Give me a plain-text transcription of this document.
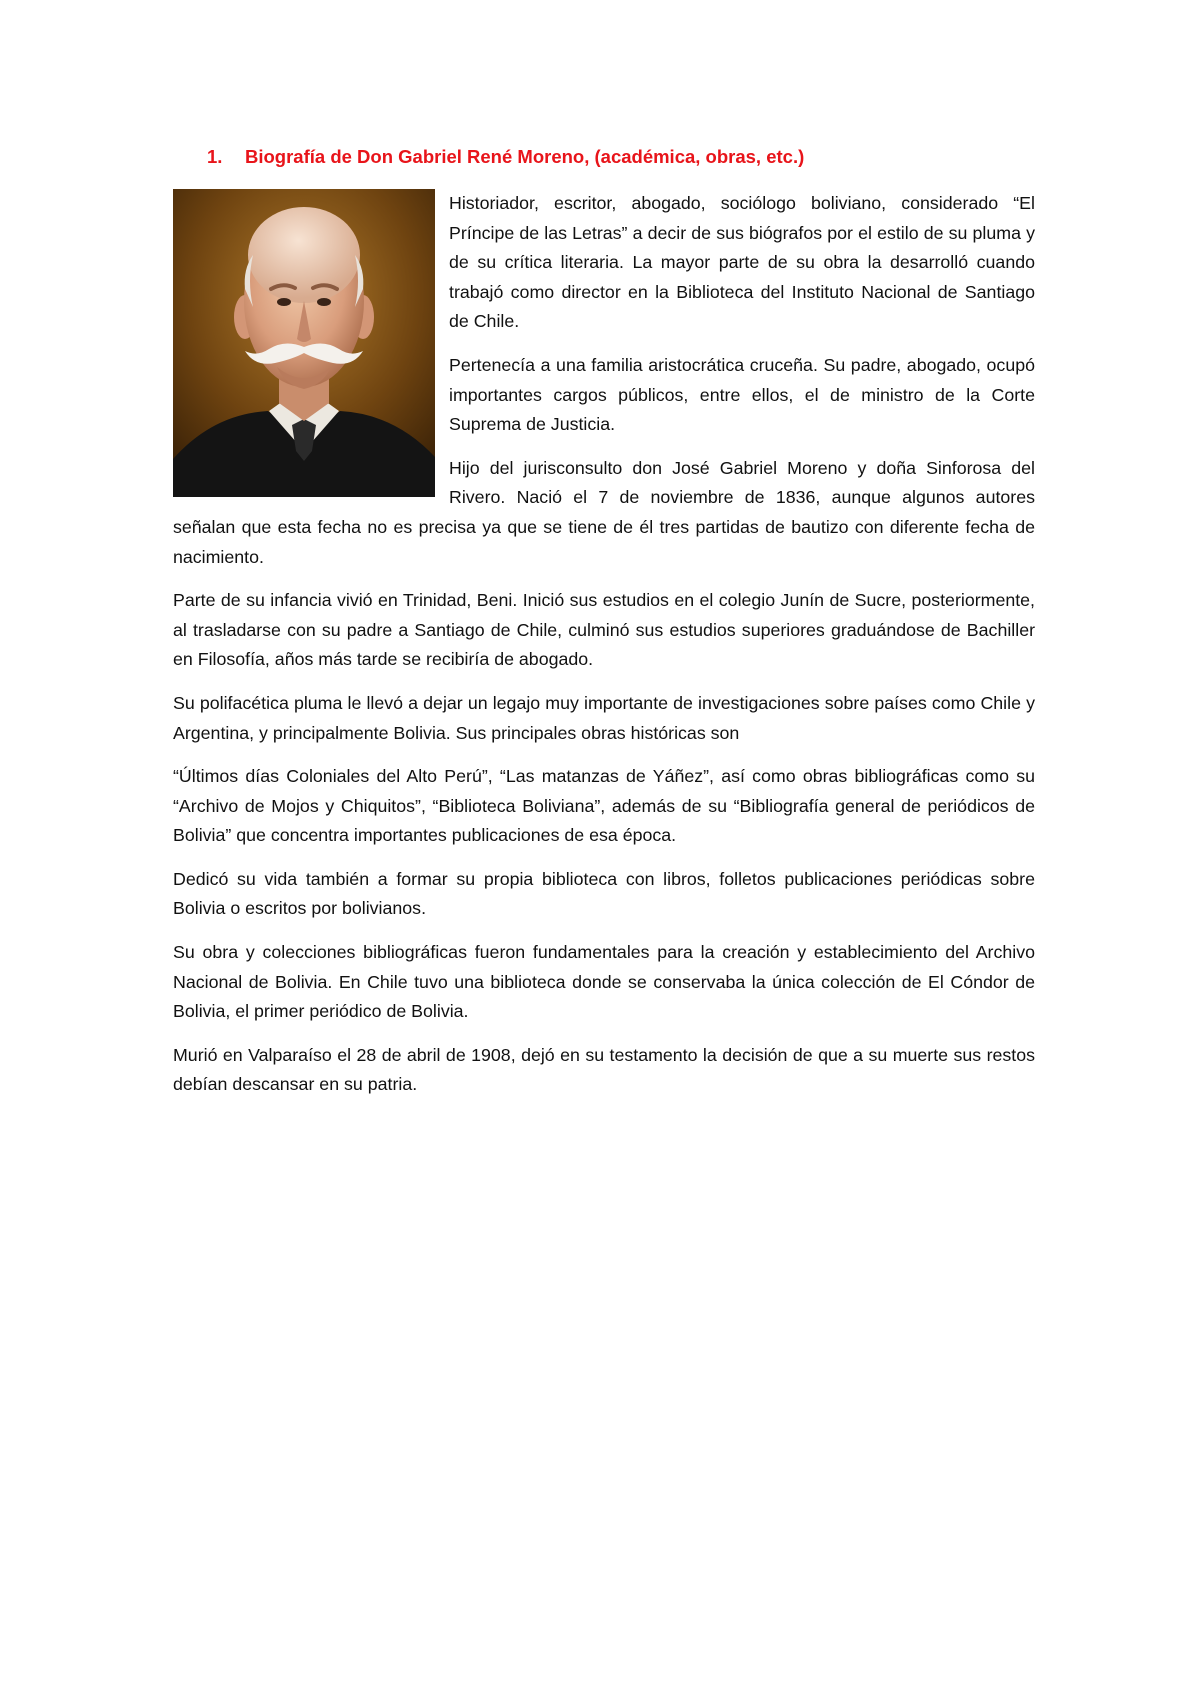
1. Biografía de Don Gabriel René Moreno, (académica, obras, etc.)

Historiador, escritor, abogado, sociólogo boliviano, considerado “El Príncipe de las Letras” a decir de sus biógrafos por el estilo de su pluma y de su crítica literaria. La mayor parte de su obra la desarrolló cuando trabajó como director en la Biblioteca del Instituto Nacional de Santiago de Chile.

Pertenecía a una familia aristocrática cruceña. Su padre, abogado, ocupó importantes cargos públicos, entre ellos, el de ministro de la Corte Suprema de Justicia.

Hijo del jurisconsulto don José Gabriel Moreno y doña Sinforosa del Rivero. Nació el 7 de noviembre de 1836, aunque algunos autores señalan que esta fecha no es precisa ya que se tiene de él tres partidas de bautizo con diferente fecha de nacimiento.

Parte de su infancia vivió en Trinidad, Beni. Inició sus estudios en el colegio Junín de Sucre, posteriormente, al trasladarse con su padre a Santiago de Chile, culminó sus estudios superiores graduándose de Bachiller en Filosofía, años más tarde se recibiría de abogado.

Su polifacética pluma le llevó a dejar un legajo muy importante de investigaciones sobre países como Chile y Argentina, y principalmente Bolivia. Sus principales obras históricas son

“Últimos días Coloniales del Alto Perú”, “Las matanzas de Yáñez”, así como obras bibliográficas como su “Archivo de Mojos y Chiquitos”, “Biblioteca Boliviana”, además de su “Bibliografía general de periódicos de Bolivia” que concentra importantes publicaciones de esa época.

Dedicó su vida también a formar su propia biblioteca con libros, folletos publicaciones periódicas sobre Bolivia o escritos por bolivianos.

Su obra y colecciones bibliográficas fueron fundamentales para la creación y establecimiento del Archivo Nacional de Bolivia. En Chile tuvo una biblioteca donde se conservaba la única colección de El Cóndor de Bolivia, el primer periódico de Bolivia.

Murió en Valparaíso el 28 de abril de 1908, dejó en su testamento la decisión de que a su muerte sus restos debían descansar en su patria.
